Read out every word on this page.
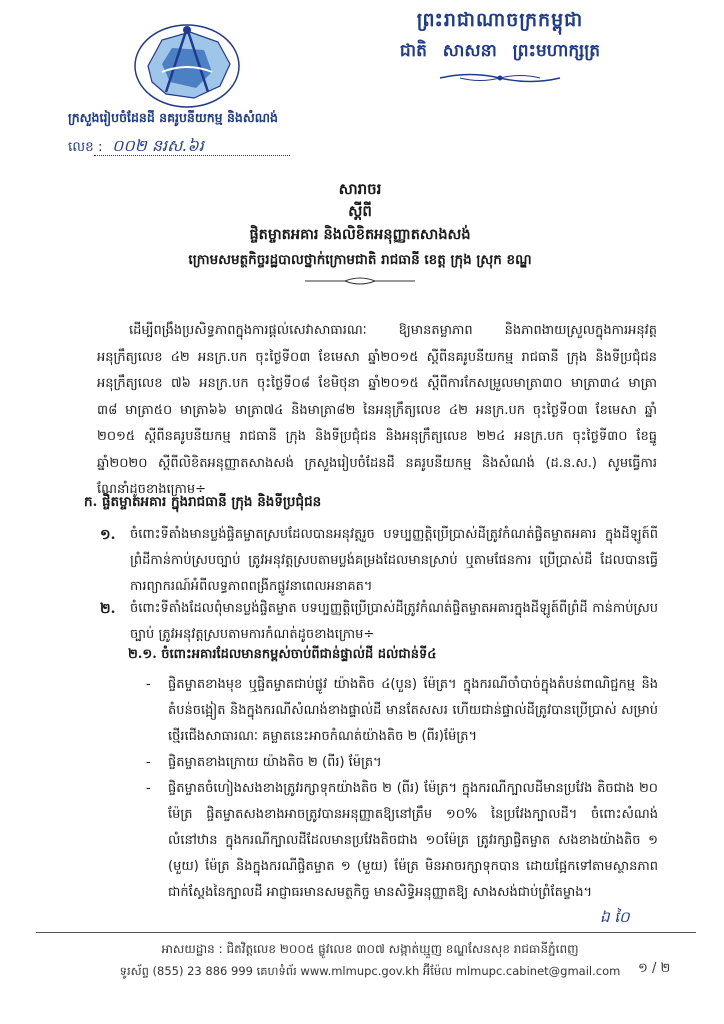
ព្រះរាជាណាចក្រកម្ពុជា
ជាតិ សាសនា ព្រះមហាក្សត្រ
ក្រសួងរៀបចំដែនដី នគរូបនីយកម្ម និងសំណង់
លេខ : ០០២ នរស.៦រ
សារាចរ
ស្តីពី
ផ្ចិតម្ចាតអគារ និងលិខិតអនុញ្ញាតសាងសង់
ក្រោមសមត្ថកិច្ចរដ្ឋបាលថ្នាក់ក្រោមជាតិ រាជធានី ខេត្ត ក្រុង ស្រុក ខណ្ឌ
ដើម្បីពង្រឹងប្រសិទ្ធភាពក្នុងការផ្តល់សេវាសាធារណៈ ឱ្យមានតម្លាភាព និងភាពងាយស្រួលក្នុងការអនុវត្ត អនុក្រឹត្យលេខ ៤២ អនក្រ.បក ចុះថ្ងៃទី០៣ ខែមេសា ឆ្នាំ២០១៥ ស្តីពីនគរូបនីយកម្ម រាជធានី ក្រុង និងទីប្រជុំជន អនុក្រឹត្យលេខ ៧៦ អនក្រ.បក ចុះថ្ងៃទី០៨ ខែមិថុនា ឆ្នាំ២០១៥ ស្តីពីការកែសម្រួលមាត្រា៣០ មាត្រា៣៤ មាត្រា ៣៨ មាត្រា៥០ មាត្រា៦៦ មាត្រា៧៤ និងមាត្រា៨២ នៃអនុក្រឹត្យលេខ ៤២ អនក្រ.បក ចុះថ្ងៃទី០៣ ខែមេសា ឆ្នាំ ២០១៥ ស្តីពីនគរូបនីយកម្ម រាជធានី ក្រុង និងទីប្រជុំជន និងអនុក្រឹត្យលេខ ២២៤ អនក្រ.បក ចុះថ្ងៃទី៣០ ខែធ្នូ ឆ្នាំ២០២០ ស្តីពីលិខិតអនុញ្ញាតសាងសង់ ក្រសួងរៀបចំដែនដី នគរូបនីយកម្ម និងសំណង់ (ដ.ន.ស.) សូមធ្វើការណែនាំដូចខាងក្រោម÷
ក. ផ្ចិតម្ចាតអគារ ក្នុងរាជធានី ក្រុង និងទីប្រជុំជន
១. ចំពោះទីតាំងមានប្លង់ផ្ចិតម្ចាតស្របដែលបានអនុវត្តរួច បទប្បញ្ញត្តិប្រើប្រាស់ដីត្រូវកំណត់ផ្ចិតម្ចាតអគារ ក្នុងដីឡូត៍ពីព្រំដីកាន់កាប់ស្របច្បាប់ ត្រូវអនុវត្តស្របតាមប្លង់គម្រងដែលមានស្រាប់ ឬតាមផែនការ ប្រើប្រាស់ដី ដែលបានធ្វើការព្យាករណ៍អំពីលទ្ធភាពពង្រីកផ្លូវនាពេលអនាគត។
២. ចំពោះទីតាំងដែលពុំមានប្លង់ផ្ចិតម្ចាត បទប្បញ្ញត្តិប្រើប្រាស់ដីត្រូវកំណត់ផ្ចិតម្ចាតអគារក្នុងដីឡូត៍ពីព្រំដី កាន់កាប់ស្របច្បាប់ ត្រូវអនុវត្តស្របតាមការកំណត់ដូចខាងក្រោម÷
២.១. ចំពោះអគារដែលមានកម្ពស់ចាប់ពីជាន់ផ្ទាល់ដី ដល់ជាន់ទី៤
- ផ្ចិតម្ចាតខាងមុខ ឬផ្ចិតម្ចាតជាប់ផ្លូវ យ៉ាងតិច ៤(បួន) ម៉ែត្រ។ ក្នុងករណីចាំបាច់ក្នុងតំបន់ពាណិជ្ជកម្ម និងតំបន់ចង្អៀត និងក្នុងករណីសំណង់ខាងផ្ទាល់ដី មានតែសសរ ហើយជាន់ផ្ទាល់ដីត្រូវបានប្រើប្រាស់ សម្រាប់ថ្មើរជើងសាធារណៈ គម្លាតនេះអាចកំណត់យ៉ាងតិច ២ (ពីរ)ម៉ែត្រ។
- ផ្ចិតម្ចាតខាងក្រោយ យ៉ាងតិច ២ (ពីរ) ម៉ែត្រ។
- ផ្ចិតម្ចាតចំហៀងសងខាងត្រូវរក្សាទុកយ៉ាងតិច ២ (ពីរ) ម៉ែត្រ។ ក្នុងករណីក្បាលដីមានប្រវែង តិចជាង ២០ ម៉ែត្រ ផ្ចិតម្ចាតសងខាងអាចត្រូវបានអនុញ្ញាតឱ្យនៅត្រឹម ១០% នៃប្រវែងក្បាលដី។ ចំពោះសំណង់លំនៅឋាន ក្នុងករណីក្បាលដីដែលមានប្រវែងតិចជាង ១០ម៉ែត្រ ត្រូវរក្សាផ្ចិតម្ចាត សងខាងយ៉ាងតិច ១ (មួយ) ម៉ែត្រ និងក្នុងករណីផ្ចិតម្ចាត ១ (មួយ) ម៉ែត្រ មិនអាចរក្សាទុកបាន ដោយផ្អែកទៅតាមស្ថានភាពជាក់ស្តែងនៃក្បាលដី អាជ្ញាធរមានសមត្ថកិច្ច មានសិទ្ធិអនុញ្ញាតឱ្យ សាងសង់ជាប់ព្រំតែម្ខាង។
ឯ ០ៃ
អាសយដ្ឋាន : ជិតវិត្តលេខ ២០០៥ ផ្លូវលេខ ៣០៧ សង្កាត់ឃ្មួញ ខណ្ឌសែនសុខ រាជធានីភ្នំពេញ
ទូរស័ព្ទ (855) 23 886 999 គេហទំព័រ www.mlmupc.gov.kh អ៊ីម៉ែល mlmupc.cabinet@gmail.com	១ / ២
